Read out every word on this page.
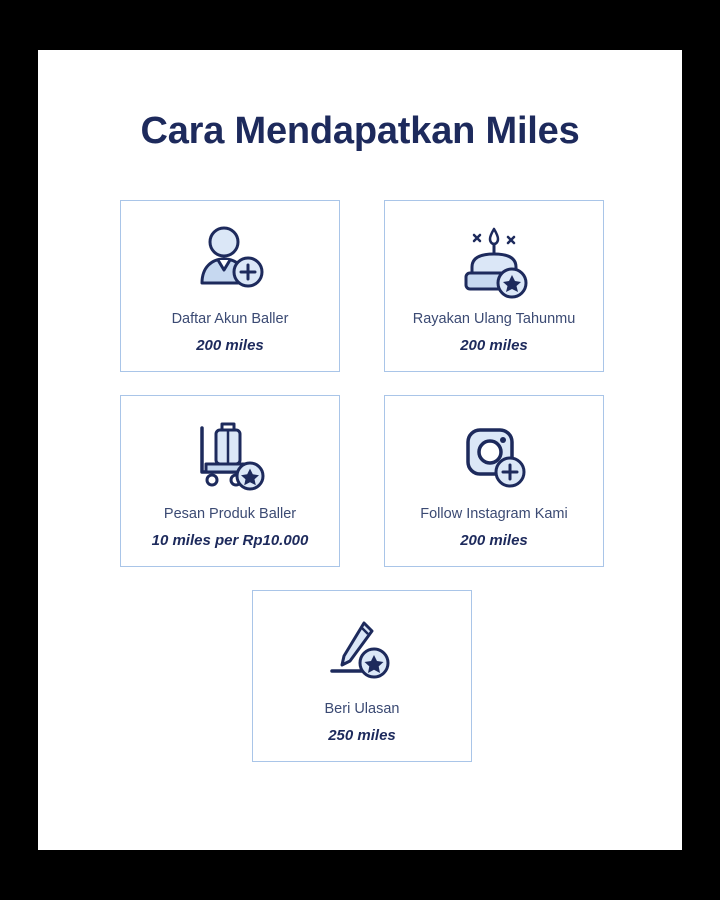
Cara Mendapatkan Miles
Daftar Akun Baller
200 miles
Rayakan Ulang Tahunmu
200 miles
Pesan Produk Baller
10 miles per Rp10.000
Follow Instagram Kami
200 miles
Beri Ulasan
250 miles
